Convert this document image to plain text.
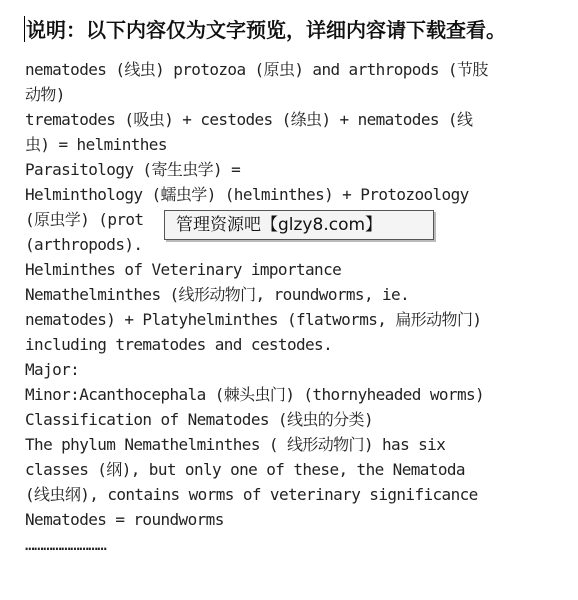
说明：以下内容仅为文字预览，详细内容请下载查看。
nematodes (线虫) protozoa (原虫) and arthropods (节肢
动物)
trematodes (吸虫) + cestodes (绦虫) + nematodes (线
虫) = helminthes
Parasitology (寄生虫学) =
Helminthology (蠕虫学) (helminthes) + Protozoology
(原虫学) (prot
(arthropods).
Helminthes of Veterinary importance
Nemathelminthes (线形动物门, roundworms, ie.
nematodes) + Platyhelminthes (flatworms, 扁形动物门)
including trematodes and cestodes.
Major:
Minor:Acanthocephala (棘头虫门) (thornyheaded worms)
Classification of Nematodes (线虫的分类)
The phylum Nemathelminthes ( 线形动物门) has six
classes (纲), but only one of these, the Nematoda
(线虫纲), contains worms of veterinary significance
Nematodes = roundworms
………………………
管理资源吧【glzy8.com】
